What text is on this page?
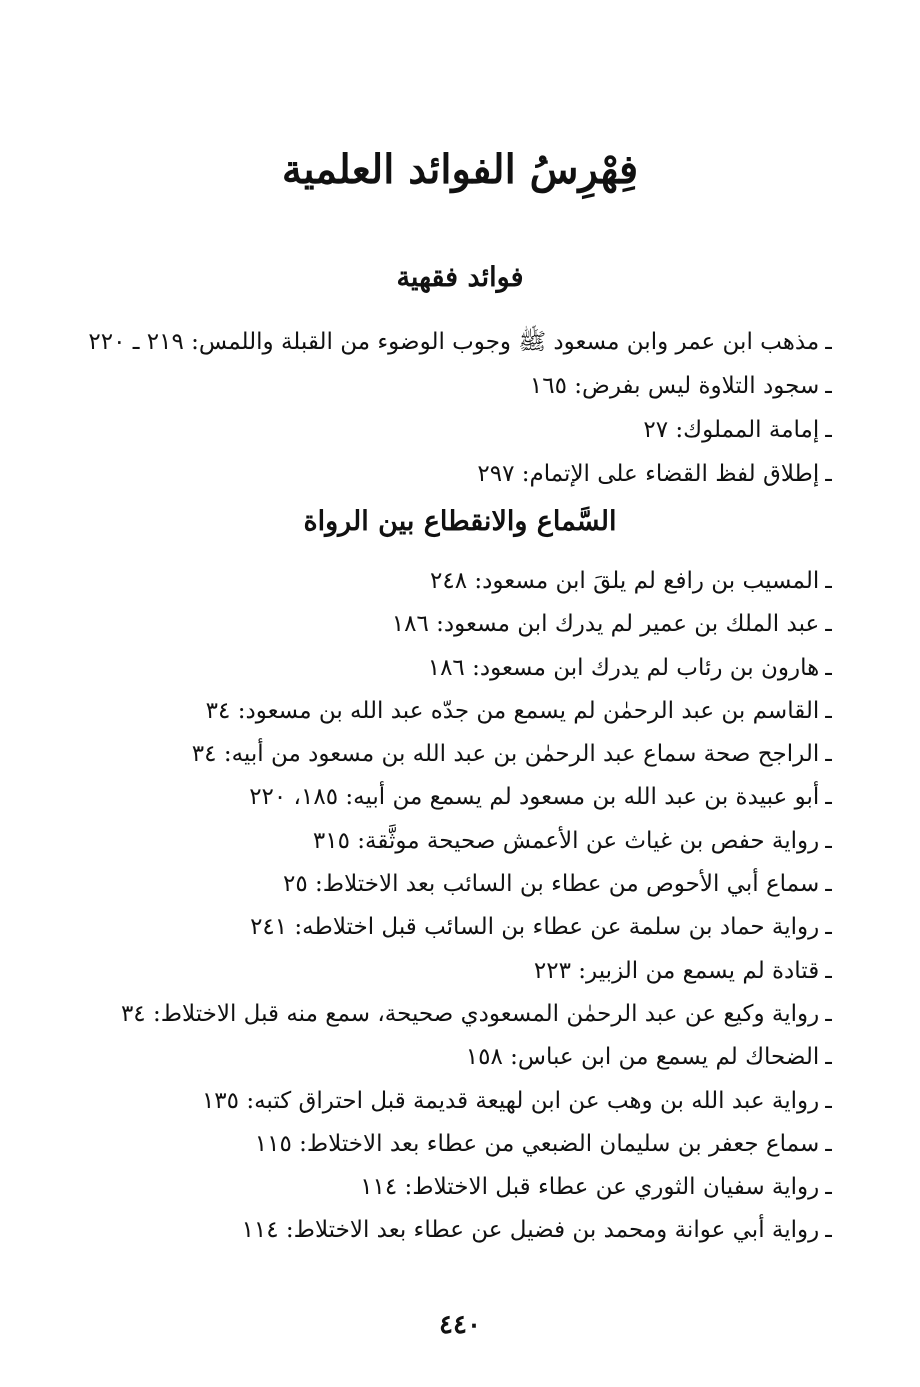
فِهْرِسُ الفوائد العلمية
فوائد فقهية
ـمذهب ابن عمر وابن مسعود ﷺ وجوب الوضوء من القبلة واللمس: ٢١٩ ـ ٢٢٠
ـسجود التلاوة ليس بفرض: ١٦٥
ـإمامة المملوك: ٢٧
ـإطلاق لفظ القضاء على الإتمام: ٢٩٧
السَّماع والانقطاع بين الرواة
ـالمسيب بن رافع لم يلقَ ابن مسعود: ٢٤٨
ـعبد الملك بن عمير لم يدرك ابن مسعود: ١٨٦
ـهارون بن رئاب لم يدرك ابن مسعود: ١٨٦
ـالقاسم بن عبد الرحمٰن لم يسمع من جدّه عبد الله بن مسعود: ٣٤
ـالراجح صحة سماع عبد الرحمٰن بن عبد الله بن مسعود من أبيه: ٣٤
ـأبو عبيدة بن عبد الله بن مسعود لم يسمع من أبيه: ١٨٥، ٢٢٠
ـرواية حفص بن غياث عن الأعمش صحيحة موثَّقة: ٣١٥
ـسماع أبي الأحوص من عطاء بن السائب بعد الاختلاط: ٢٥
ـرواية حماد بن سلمة عن عطاء بن السائب قبل اختلاطه: ٢٤١
ـقتادة لم يسمع من الزبير: ٢٢٣
ـرواية وكيع عن عبد الرحمٰن المسعودي صحيحة، سمع منه قبل الاختلاط: ٣٤
ـالضحاك لم يسمع من ابن عباس: ١٥٨
ـرواية عبد الله بن وهب عن ابن لهيعة قديمة قبل احتراق كتبه: ١٣٥
ـسماع جعفر بن سليمان الضبعي من عطاء بعد الاختلاط: ١١٥
ـرواية سفيان الثوري عن عطاء قبل الاختلاط: ١١٤
ـرواية أبي عوانة ومحمد بن فضيل عن عطاء بعد الاختلاط: ١١٤
٤٤٠
